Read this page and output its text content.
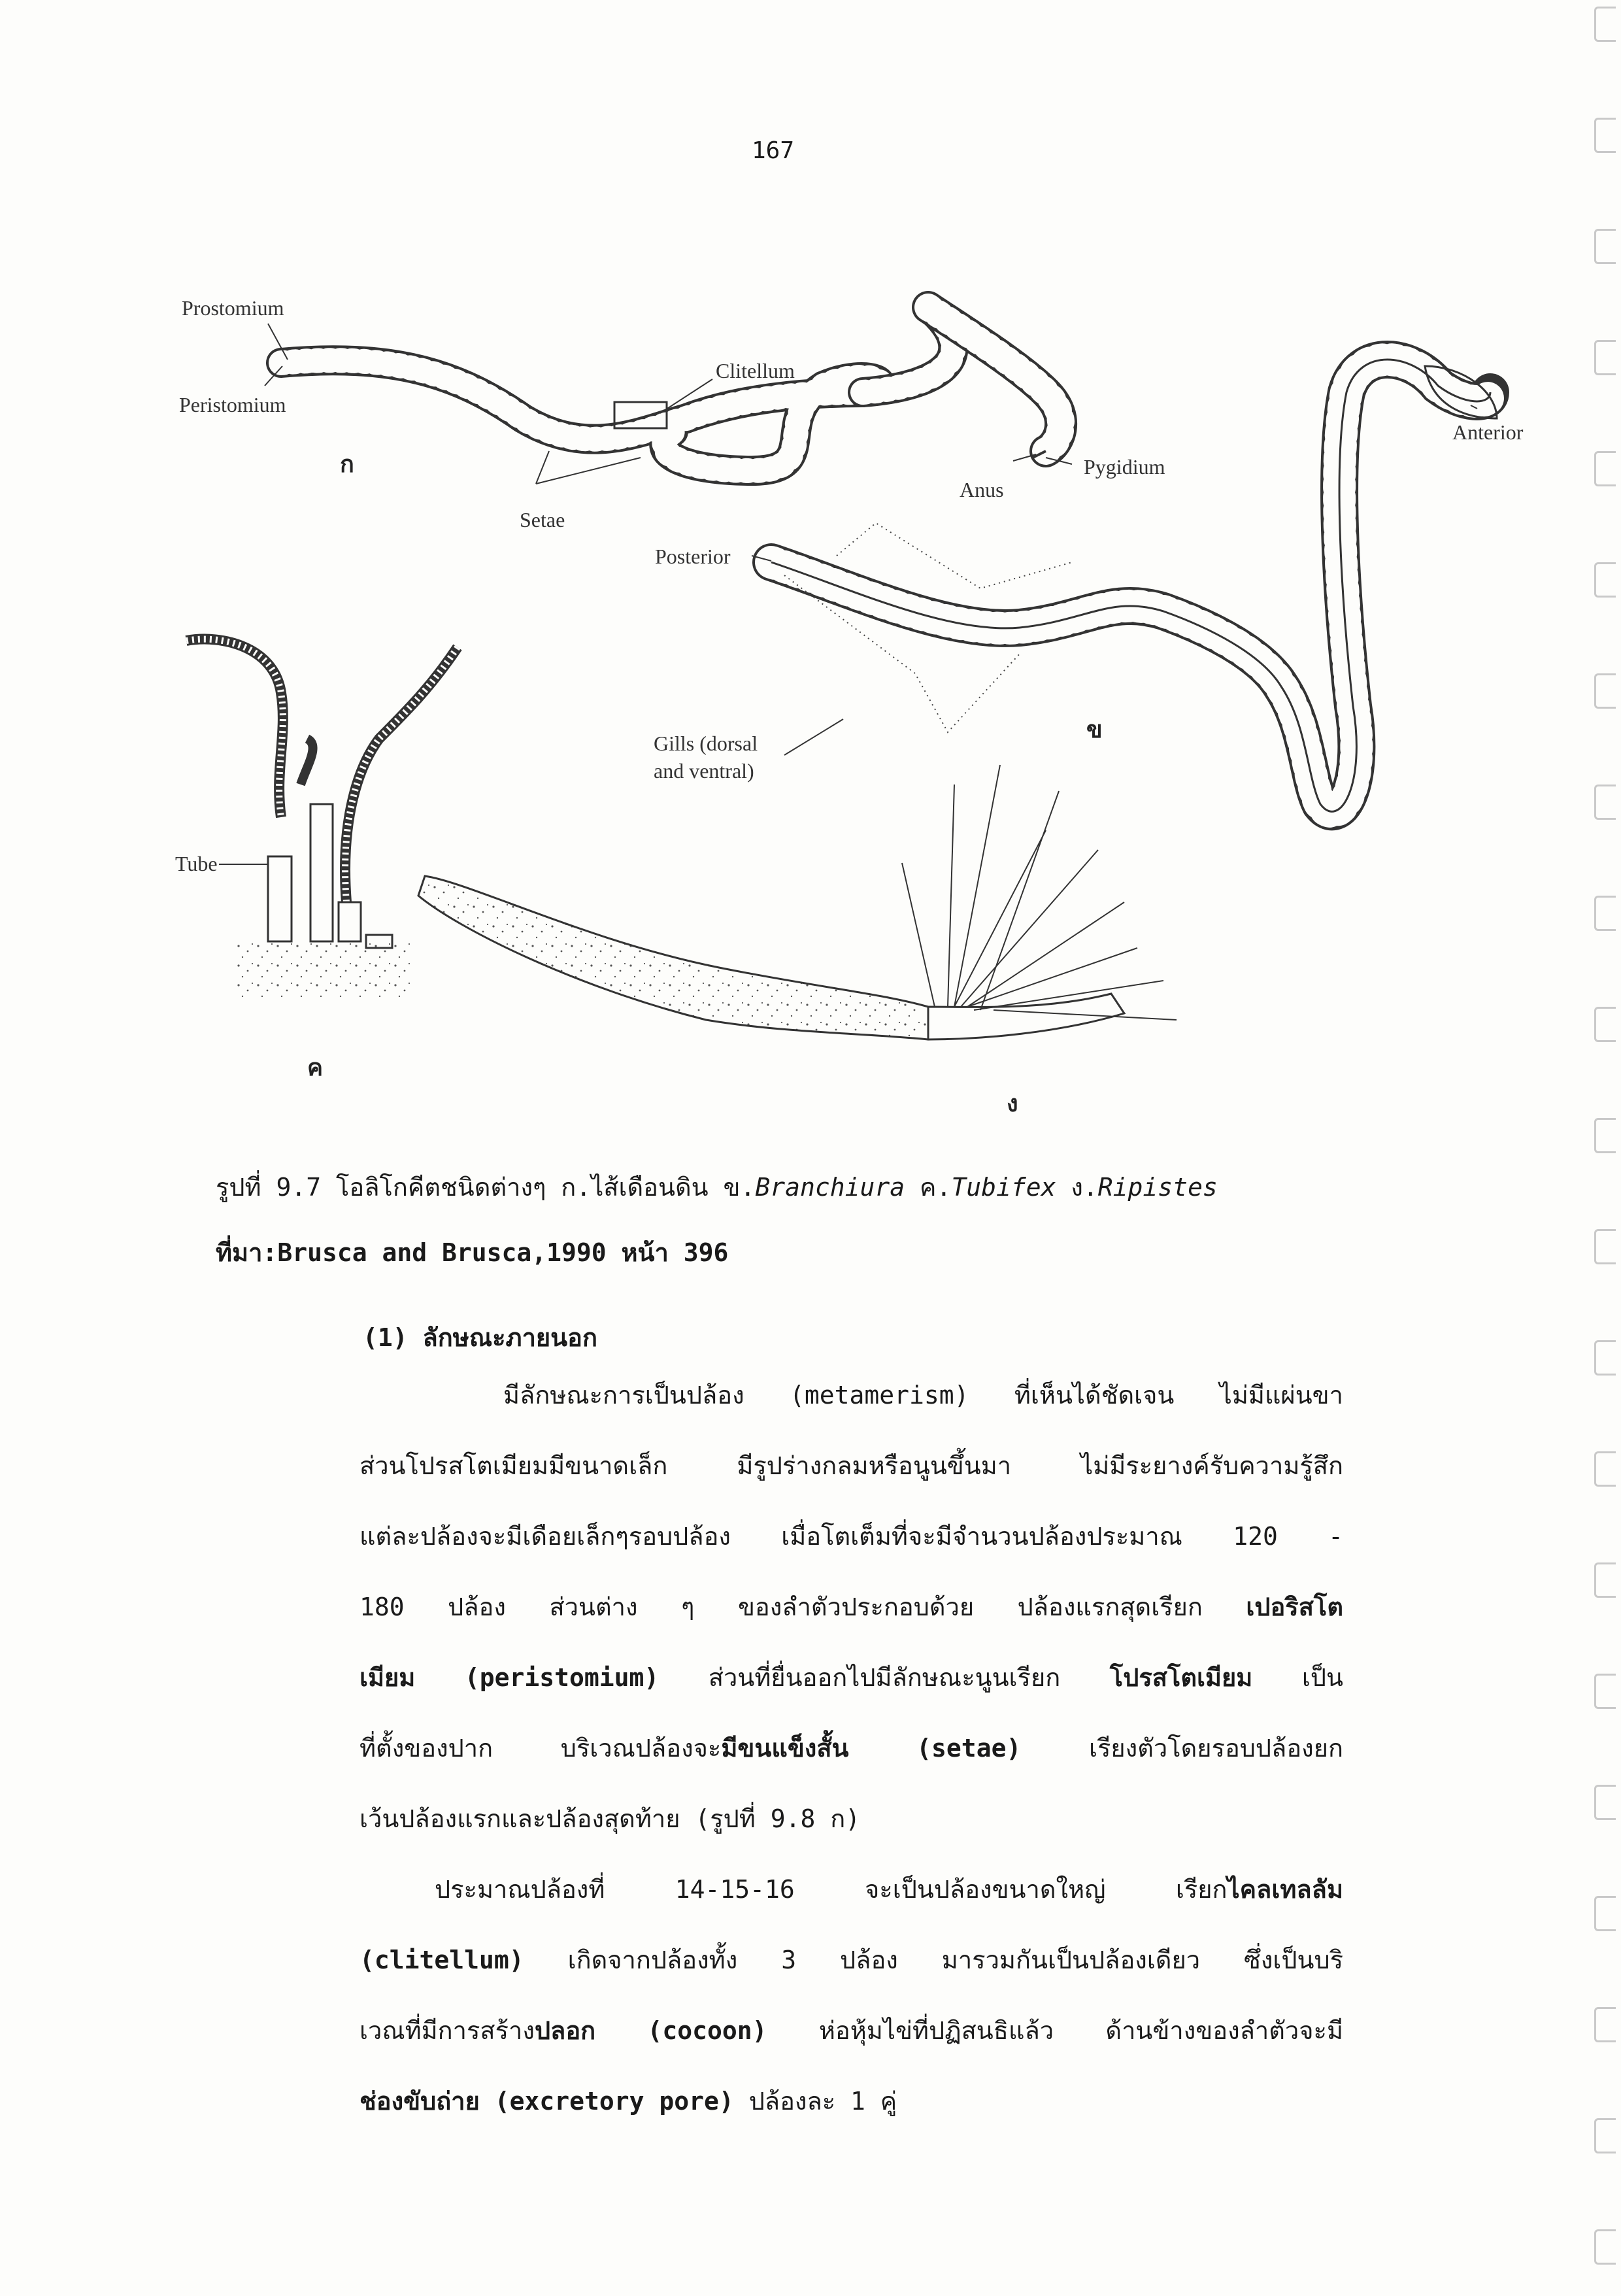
167
Prostomium
Peristomium
Clitellum
Setae
Anus
Pygidium
Anterior
Posterior
Gills (dorsal
and ventral)
Tube
ก
ข
ค
ง
รูปที่ 9.7 โอลิโกคีตชนิดต่างๆ ก.ไส้เดือนดิน ข.Branchiura ค.Tubifex ง.Ripistes
ที่มา:Brusca and Brusca,1990 หน้า 396
(1) ลักษณะภายนอก
มีลักษณะการเป็นปล้อง (metamerism) ที่เห็นได้ชัดเจน ไม่มีแผ่นขา
ส่วนโปรสโตเมียมมีขนาดเล็ก มีรูปร่างกลมหรือนูนขึ้นมา ไม่มีระยางค์รับความรู้สึก
แต่ละปล้องจะมีเดือยเล็กๆรอบปล้อง เมื่อโตเต็มที่จะมีจำนวนปล้องประมาณ 120 -
180 ปล้อง ส่วนต่าง ๆ ของลำตัวประกอบด้วย ปล้องแรกสุดเรียก เปอริสโต
เมียม (peristomium) ส่วนที่ยื่นออกไปมีลักษณะนูนเรียก โปรสโตเมียม เป็น
ที่ตั้งของปาก บริเวณปล้องจะมีขนแข็งสั้น (setae) เรียงตัวโดยรอบปล้องยก
เว้นปล้องแรกและปล้องสุดท้าย (รูปที่ 9.8 ก)
ประมาณปล้องที่ 14-15-16 จะเป็นปล้องขนาดใหญ่ เรียกไคลเทลลัม
(clitellum) เกิดจากปล้องทั้ง 3 ปล้อง มารวมกันเป็นปล้องเดียว ซึ่งเป็นบริ
เวณที่มีการสร้างปลอก (cocoon) ห่อหุ้มไข่ที่ปฏิสนธิแล้ว ด้านข้างของลำตัวจะมี
ช่องขับถ่าย (excretory pore) ปล้องละ 1 คู่
